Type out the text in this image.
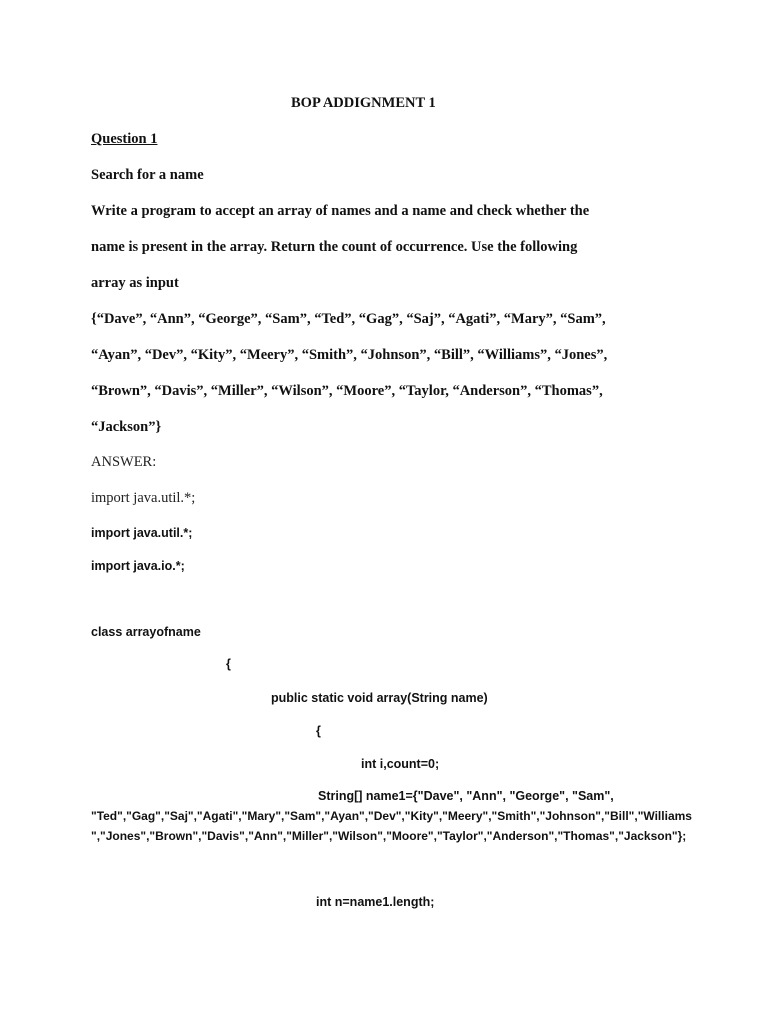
BOP ADDIGNMENT 1
Question 1
Search for a name
Write a program to accept an array of names and a name and check whether the
name is present in the array. Return the count of occurrence. Use the following
array as input
{“Dave”, “Ann”, “George”, “Sam”, “Ted”, “Gag”, “Saj”, “Agati”, “Mary”, “Sam”,
“Ayan”, “Dev”, “Kity”, “Meery”, “Smith”, “Johnson”, “Bill”, “Williams”, “Jones”,
“Brown”, “Davis”, “Miller”, “Wilson”, “Moore”, “Taylor, “Anderson”, “Thomas”,
“Jackson”}
ANSWER:
import java.util.*;
import java.util.*;
import java.io.*;
class arrayofname
{
public static void array(String name)
{
int i,count=0;
String[] name1={"Dave", "Ann", "George", "Sam",
"Ted","Gag","Saj","Agati","Mary","Sam","Ayan","Dev","Kity","Meery","Smith","Johnson","Bill","Williams
","Jones","Brown","Davis","Ann","Miller","Wilson","Moore","Taylor","Anderson","Thomas","Jackson"};
int n=name1.length;
